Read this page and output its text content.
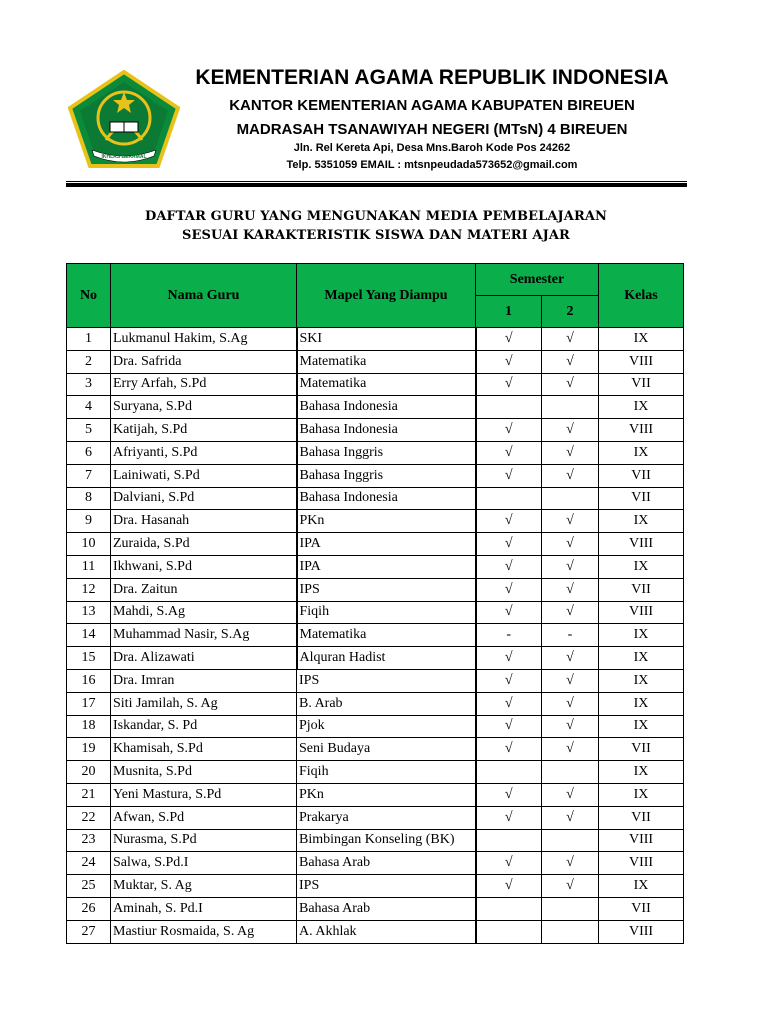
IKHLAS BERAMAL
KEMENTERIAN AGAMA REPUBLIK INDONESIA
KANTOR KEMENTERIAN AGAMA KABUPATEN BIREUEN
MADRASAH TSANAWIYAH NEGERI (MTsN) 4 BIREUEN
Jln. Rel Kereta Api, Desa Mns.Baroh Kode Pos 24262
Telp. 5351059 EMAIL : mtsnpeudada573652@gmail.com
DAFTAR GURU YANG MENGUNAKAN MEDIA PEMBELAJARAN
SESUAI KARAKTERISTIK SISWA DAN MATERI AJAR
No	Nama Guru	Mapel Yang Diampu	Semester		Kelas
			1	2	
1	Lukmanul Hakim, S.Ag	SKI	√	√	IX
2	Dra. Safrida	Matematika	√	√	VIII
3	Erry Arfah, S.Pd	Matematika	√	√	VII
4	Suryana, S.Pd	Bahasa Indonesia			IX
5	Katijah, S.Pd	Bahasa Indonesia	√	√	VIII
6	Afriyanti, S.Pd	Bahasa Inggris	√	√	IX
7	Lainiwati, S.Pd	Bahasa Inggris	√	√	VII
8	Dalviani, S.Pd	Bahasa Indonesia			VII
9	Dra. Hasanah	PKn	√	√	IX
10	Zuraida, S.Pd	IPA	√	√	VIII
11	Ikhwani, S.Pd	IPA	√	√	IX
12	Dra. Zaitun	IPS	√	√	VII
13	Mahdi, S.Ag	Fiqih	√	√	VIII
14	Muhammad Nasir, S.Ag	Matematika	-	-	IX
15	Dra. Alizawati	Alquran Hadist	√	√	IX
16	Dra. Imran	IPS	√	√	IX
17	Siti Jamilah, S. Ag	B. Arab	√	√	IX
18	Iskandar, S. Pd	Pjok	√	√	IX
19	Khamisah, S.Pd	Seni Budaya	√	√	VII
20	Musnita, S.Pd	Fiqih			IX
21	Yeni Mastura, S.Pd	PKn	√	√	IX
22	Afwan, S.Pd	Prakarya	√	√	VII
23	Nurasma, S.Pd	Bimbingan Konseling (BK)			VIII
24	Salwa, S.Pd.I	Bahasa Arab	√	√	VIII
25	Muktar, S. Ag	IPS	√	√	IX
26	Aminah, S. Pd.I	Bahasa Arab			VII
27	Mastiur Rosmaida, S. Ag	A. Akhlak			VIII
